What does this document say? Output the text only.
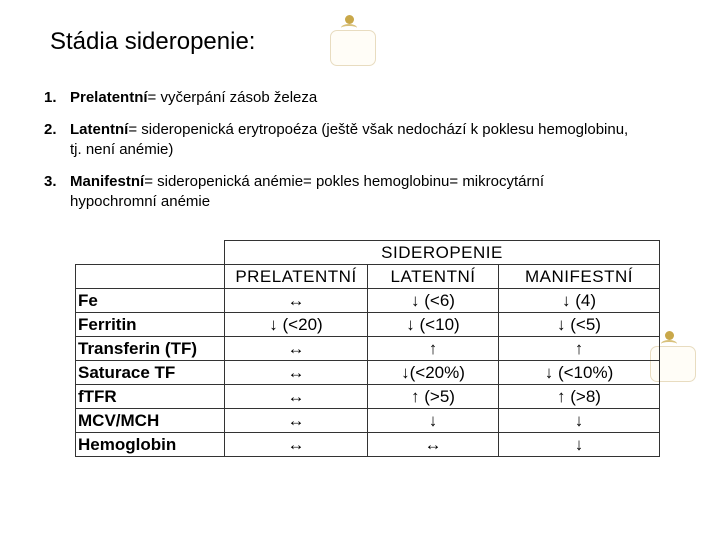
Stádia sideropenie:
1. Prelatentní= vyčerpání zásob železa
2. Latentní= sideropenická erytropoéza (ještě však nedochází k poklesu hemoglobinu, tj. není anémie)
3. Manifestní= sideropenická anémie= pokles hemoglobinu= mikrocytární hypochromní anémie
	SIDEROPENIE		
	PRELATENTNÍ	LATENTNÍ	MANIFESTNÍ
Fe	↔	↓ (<6)	↓ (4)
Ferritin	↓ (<20)	↓ (<10)	↓ (<5)
Transferin (TF)	↔	↑	↑
Saturace TF	↔	↓(<20%)	↓ (<10%)
fTFR	↔	↑ (>5)	↑ (>8)
MCV/MCH	↔	↓	↓
Hemoglobin	↔	↔	↓
